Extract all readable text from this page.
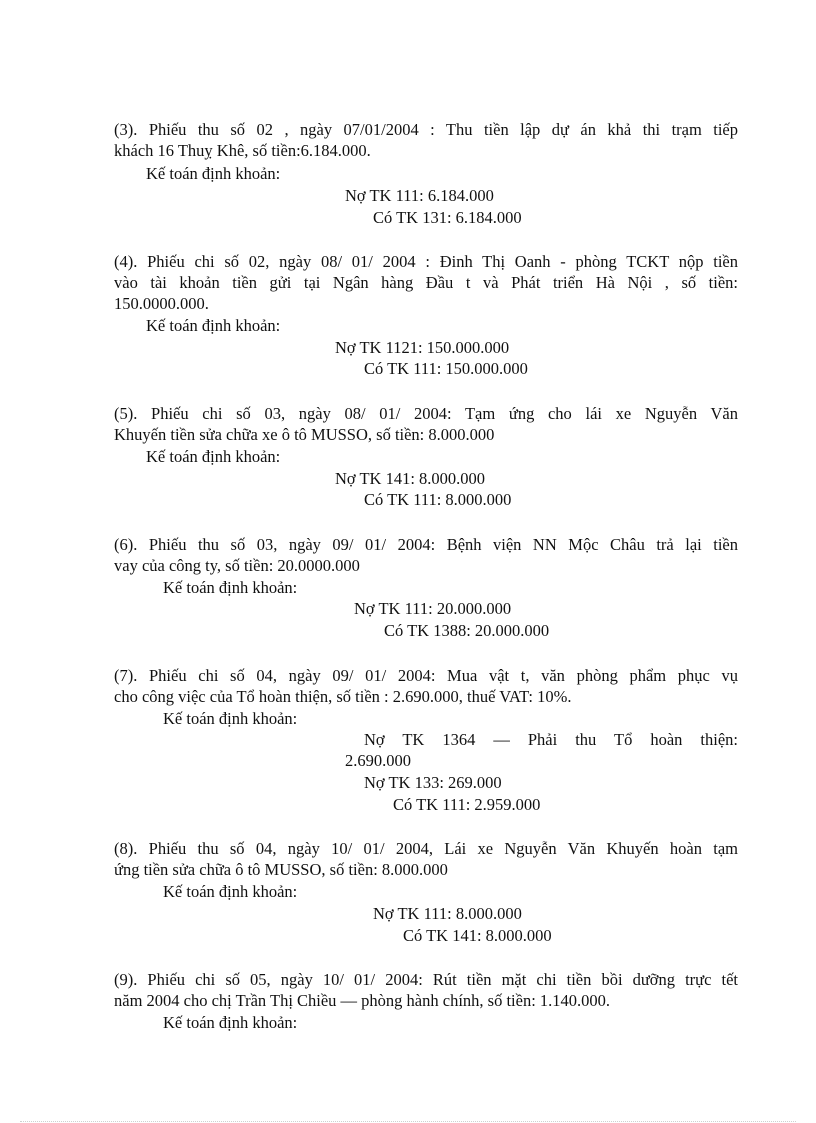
(3). Phiếu thu số 02 , ngày 07/01/2004 : Thu tiền lập dự án khả thi trạm tiếp
khách 16 Thuỵ Khê, số tiền:6.184.000.
Kế toán định khoản:
Nợ TK 111: 6.184.000
Có TK 131: 6.184.000
(4). Phiếu chi số 02, ngày 08/ 01/ 2004 : Đinh Thị Oanh - phòng TCKT nộp tiền
vào tài khoản tiền gửi tại Ngân hàng Đầu t và Phát triển Hà Nội , số tiền:
150.0000.000.
Kế toán định khoản:
Nợ TK 1121: 150.000.000
Có TK 111: 150.000.000
(5). Phiếu chi số 03, ngày 08/ 01/ 2004: Tạm ứng cho lái xe Nguyễn Văn
Khuyến tiền sửa chữa xe ô tô MUSSO, số tiền: 8.000.000
Kế toán định khoản:
Nợ TK 141: 8.000.000
Có TK 111: 8.000.000
(6). Phiếu thu số 03, ngày 09/ 01/ 2004: Bệnh viện NN Mộc Châu trả lại tiền
vay của công ty, số tiền: 20.0000.000
Kế toán định khoản:
Nợ TK 111: 20.000.000
Có TK 1388: 20.000.000
(7). Phiếu chi số 04, ngày 09/ 01/ 2004: Mua vật t, văn phòng phẩm phục vụ
cho công việc của Tổ hoàn thiện, số tiền : 2.690.000, thuế VAT: 10%.
Kế toán định khoản:
Nợ TK 1364 — Phải thu Tổ hoàn thiện:
2.690.000
Nợ TK 133: 269.000
Có TK 111: 2.959.000
(8). Phiếu thu số 04, ngày 10/ 01/ 2004, Lái xe Nguyễn Văn Khuyến hoàn tạm
ứng tiền sửa chữa ô tô MUSSO, số tiền: 8.000.000
Kế toán định khoản:
Nợ TK 111: 8.000.000
Có TK 141: 8.000.000
(9). Phiếu chi số 05, ngày 10/ 01/ 2004: Rút tiền mặt chi tiền bồi dưỡng trực tết
năm 2004 cho chị Trần Thị Chiều — phòng hành chính, số tiền: 1.140.000.
Kế toán định khoản:
